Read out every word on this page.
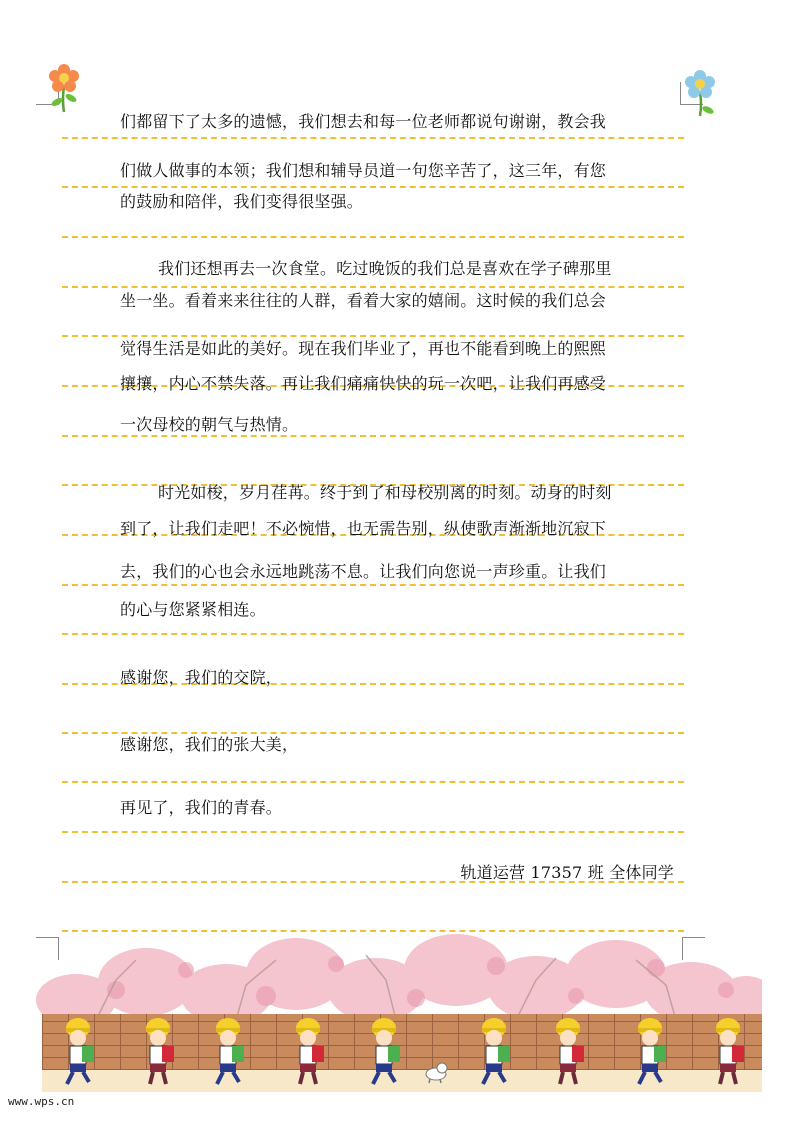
们都留下了太多的遗憾，我们想去和每一位老师都说句谢谢，教会我
们做人做事的本领；我们想和辅导员道一句您辛苦了，这三年，有您
的鼓励和陪伴，我们变得很坚强。
我们还想再去一次食堂。吃过晚饭的我们总是喜欢在学子碑那里
坐一坐。看着来来往往的人群，看着大家的嬉闹。这时候的我们总会
觉得生活是如此的美好。现在我们毕业了，再也不能看到晚上的熙熙
攘攘，内心不禁失落。再让我们痛痛快快的玩一次吧，让我们再感受
一次母校的朝气与热情。
时光如梭，岁月荏苒。终于到了和母校别离的时刻。动身的时刻
到了，让我们走吧！不必惋惜，也无需告别，纵使歌声渐渐地沉寂下
去，我们的心也会永远地跳荡不息。让我们向您说一声珍重。让我们
的心与您紧紧相连。
感谢您，我们的交院，
感谢您，我们的张大美，
再见了，我们的青春。
轨道运营 17357 班 全体同学
www.wps.cn
